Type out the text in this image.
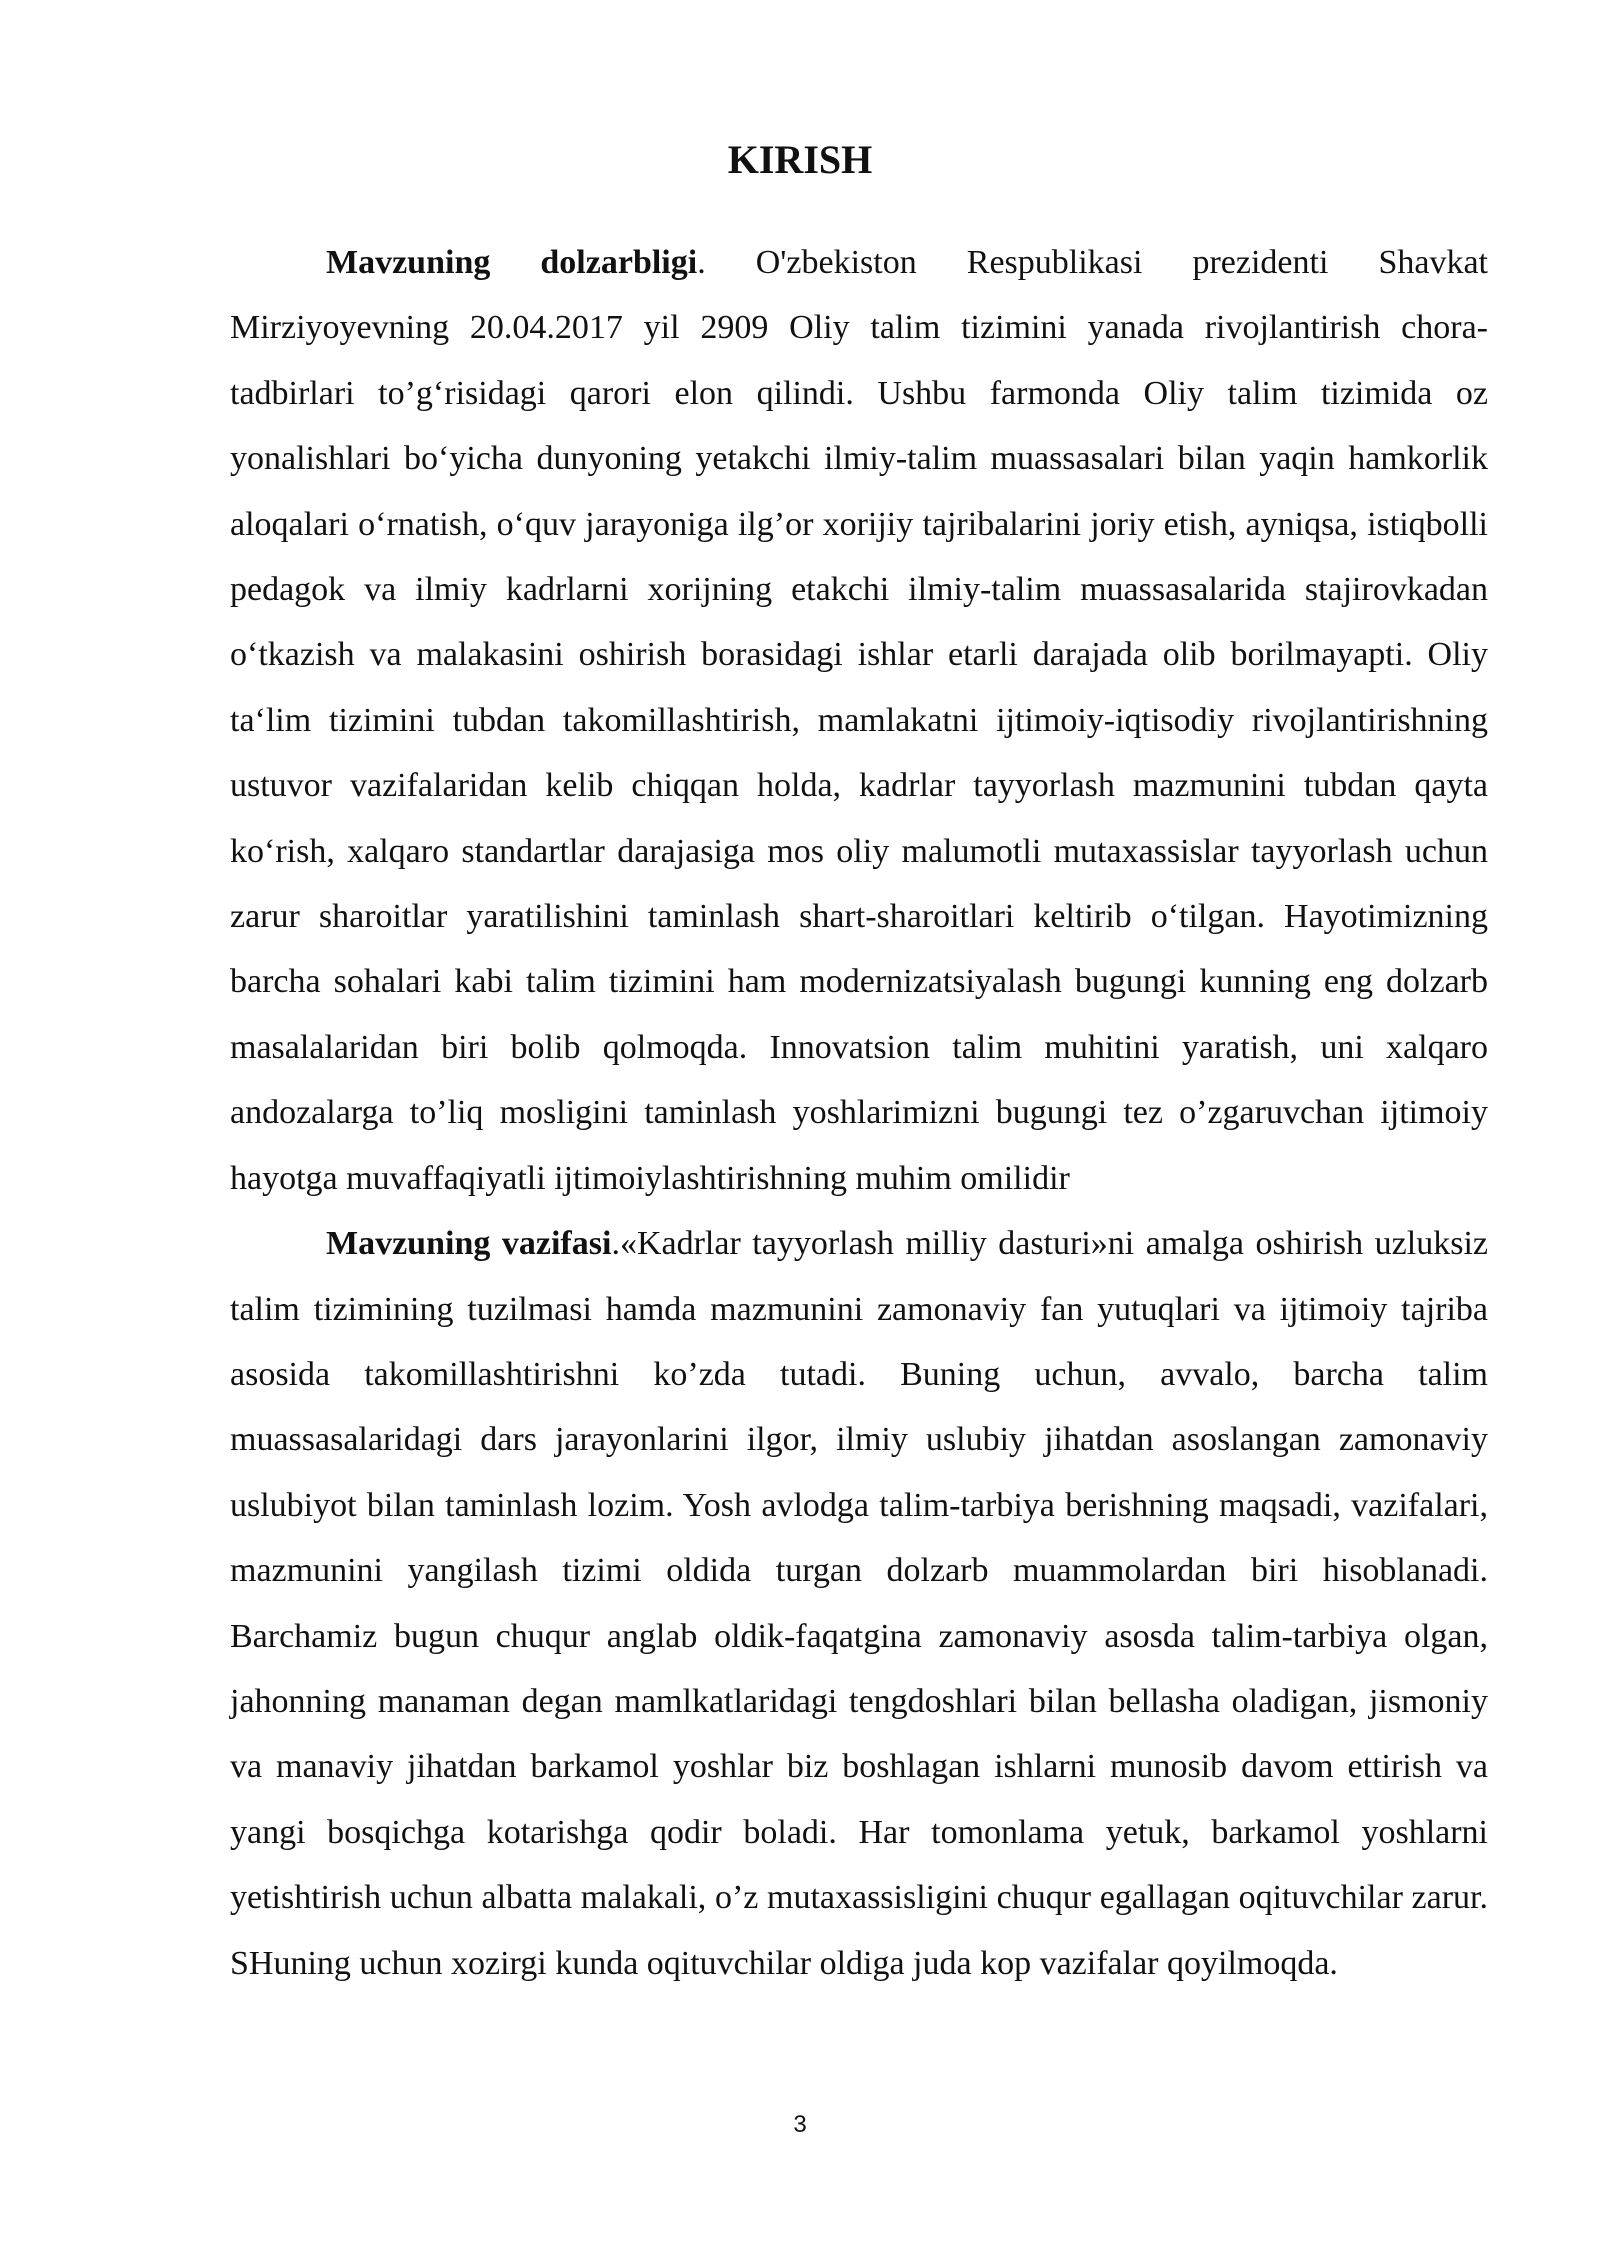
KIRISH

Mavzuning dolzarbligi. O'zbekiston Respublikasi prezidenti Shavkat Mirziyoyevning 20.04.2017 yil 2909 Oliy talim tizimini yanada rivojlantirish chora-tadbirlari to’g‘risidagi qarori elon qilindi. Ushbu farmonda Oliy talim tizimida oz yonalishlari bo‘yicha dunyoning yetakchi ilmiy-talim muassasalari bilan yaqin hamkorlik aloqalari o‘rnatish, o‘quv jarayoniga ilg’or xorijiy tajribalarini joriy etish, ayniqsa, istiqbolli pedagok va ilmiy kadrlarni xorijning etakchi ilmiy-talim muassasalarida stajirovkadan o‘tkazish va malakasini oshirish borasidagi ishlar etarli darajada olib borilmayapti. Oliy ta‘lim tizimini tubdan takomillashtirish, mamlakatni ijtimoiy-iqtisodiy rivojlantirishning ustuvor vazifalaridan kelib chiqqan holda, kadrlar tayyorlash mazmunini tubdan qayta ko‘rish, xalqaro standartlar darajasiga mos oliy malumotli mutaxassislar tayyorlash uchun zarur sharoitlar yaratilishini taminlash shart-sharoitlari keltirib o‘tilgan. Hayotimizning barcha sohalari kabi talim tizimini ham modernizatsiyalash bugungi kunning eng dolzarb masalalaridan biri bolib qolmoqda. Innovatsion talim muhitini yaratish, uni xalqaro andozalarga to’liq mosligini taminlash yoshlarimizni bugungi tez o’zgaruvchan ijtimoiy hayotga muvaffaqiyatli ijtimoiylashtirishning muhim omilidir

Mavzuning vazifasi.«Kadrlar tayyorlash milliy dasturi»ni amalga oshirish uzluksiz talim tizimining tuzilmasi hamda mazmunini zamonaviy fan yutuqlari va ijtimoiy tajriba asosida takomillashtirishni ko’zda tutadi. Buning uchun, avvalo, barcha talim muassasalaridagi dars jarayonlarini ilgor, ilmiy uslubiy jihatdan asoslangan zamonaviy uslubiyot bilan taminlash lozim. Yosh avlodga talim-tarbiya berishning maqsadi, vazifalari, mazmunini yangilash tizimi oldida turgan dolzarb muammolardan biri hisoblanadi. Barchamiz bugun chuqur anglab oldik-faqatgina zamonaviy asosda talim-tarbiya olgan, jahonning manaman degan mamlkatlaridagi tengdoshlari bilan bellasha oladigan, jismoniy va manaviy jihatdan barkamol yoshlar biz boshlagan ishlarni munosib davom ettirish va yangi bosqichga kotarishga qodir boladi. Har tomonlama yetuk, barkamol yoshlarni yetishtirish uchun albatta malakali, o’z mutaxassisligini chuqur egallagan oqituvchilar zarur. SHuning uchun xozirgi kunda oqituvchilar oldiga juda kop vazifalar qoyilmoqda.

3
